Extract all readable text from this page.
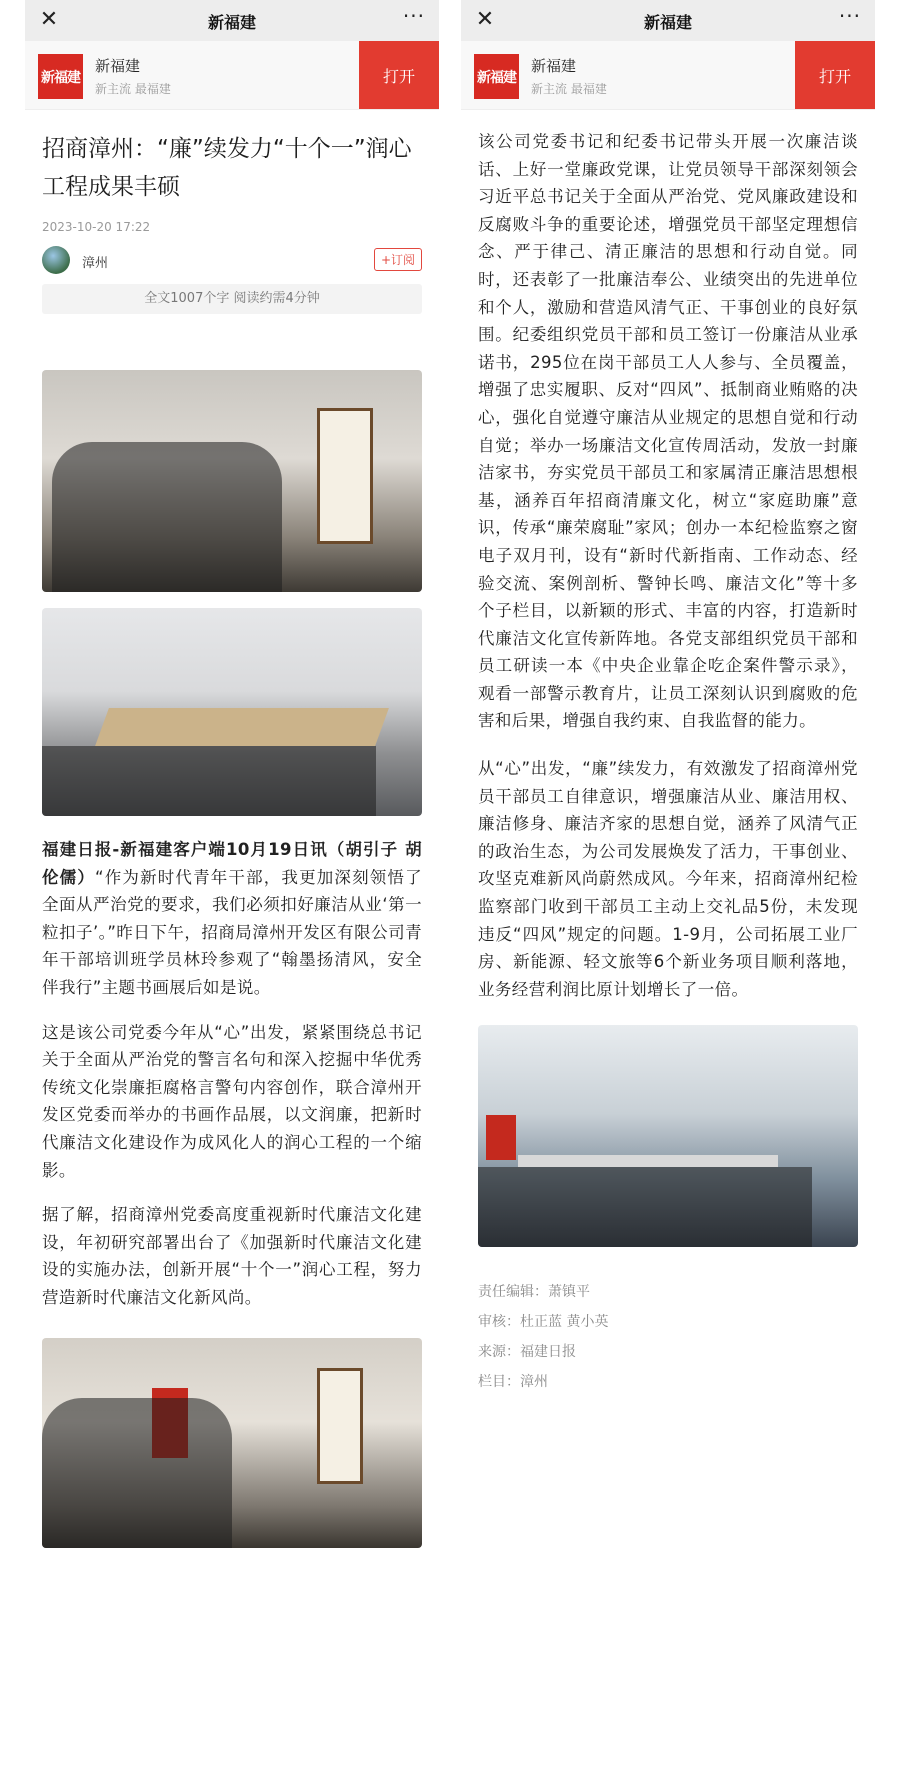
✕	新福建	···
新福建
新福建
新主流 最福建
打开
招商漳州：“廉”续发力“十个一”润心工程成果丰硕
2023-10-20 17:22
漳州	+订阅
全文1007个字 阅读约需4分钟

福建日报-新福建客户端10月19日讯（胡引子 胡伦儒）“作为新时代青年干部，我更加深刻领悟了全面从严治党的要求，我们必须扣好廉洁从业‘第一粒扣子’。”昨日下午，招商局漳州开发区有限公司青年干部培训班学员林玲参观了“翰墨扬清风，安全伴我行”主题书画展后如是说。

这是该公司党委今年从“心”出发，紧紧围绕总书记关于全面从严治党的警言名句和深入挖掘中华优秀传统文化崇廉拒腐格言警句内容创作，联合漳州开发区党委而举办的书画作品展，以文润廉，把新时代廉洁文化建设作为成风化人的润心工程的一个缩影。

据了解，招商漳州党委高度重视新时代廉洁文化建设，年初研究部署出台了《加强新时代廉洁文化建设的实施办法，创新开展“十个一”润心工程，努力营造新时代廉洁文化新风尚。

✕	新福建	···
新福建
新福建
新主流 最福建
打开

该公司党委书记和纪委书记带头开展一次廉洁谈话、上好一堂廉政党课，让党员领导干部深刻领会习近平总书记关于全面从严治党、党风廉政建设和反腐败斗争的重要论述，增强党员干部坚定理想信念、严于律己、清正廉洁的思想和行动自觉。同时，还表彰了一批廉洁奉公、业绩突出的先进单位和个人，激励和营造风清气正、干事创业的良好氛围。纪委组织党员干部和员工签订一份廉洁从业承诺书，295位在岗干部员工人人参与、全员覆盖，增强了忠实履职、反对“四风”、抵制商业贿赂的决心，强化自觉遵守廉洁从业规定的思想自觉和行动自觉；举办一场廉洁文化宣传周活动，发放一封廉洁家书，夯实党员干部员工和家属清正廉洁思想根基，涵养百年招商清廉文化，树立“家庭助廉”意识，传承“廉荣腐耻”家风；创办一本纪检监察之窗电子双月刊，设有“新时代新指南、工作动态、经验交流、案例剖析、警钟长鸣、廉洁文化”等十多个子栏目，以新颖的形式、丰富的内容，打造新时代廉洁文化宣传新阵地。各党支部组织党员干部和员工研读一本《中央企业靠企吃企案件警示录》，观看一部警示教育片，让员工深刻认识到腐败的危害和后果，增强自我约束、自我监督的能力。

从“心”出发，“廉”续发力，有效激发了招商漳州党员干部员工自律意识，增强廉洁从业、廉洁用权、廉洁修身、廉洁齐家的思想自觉，涵养了风清气正的政治生态，为公司发展焕发了活力，干事创业、攻坚克难新风尚蔚然成风。今年来，招商漳州纪检监察部门收到干部员工主动上交礼品5份，未发现违反“四风”规定的问题。1-9月，公司拓展工业厂房、新能源、轻文旅等6个新业务项目顺利落地，业务经营利润比原计划增长了一倍。

责任编辑：萧镇平
审核：杜正蓝 黄小英
来源：福建日报
栏目：漳州
